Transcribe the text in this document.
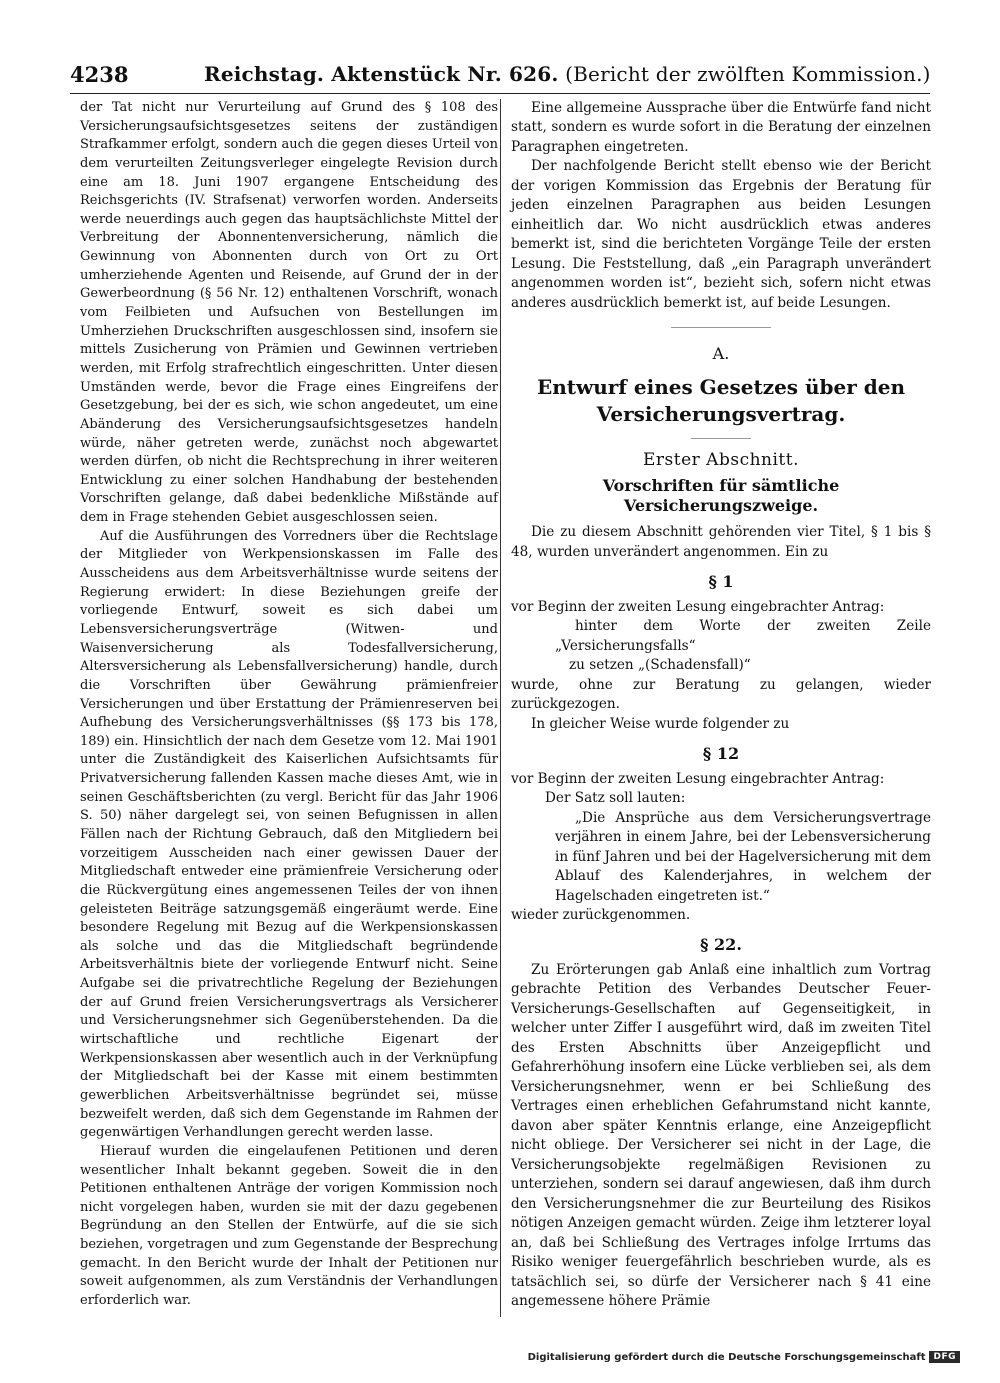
4238	Reichstag. Aktenstück Nr. 626. (Bericht der zwölften Kommission.)

der Tat nicht nur Verurteilung auf Grund des § 108 des Versicherungsaufsichtsgesetzes seitens der zuständigen Strafkammer erfolgt, sondern auch die gegen dieses Urteil von dem verurteilten Zeitungsverleger eingelegte Revision durch eine am 18. Juni 1907 ergangene Entscheidung des Reichsgerichts (IV. Strafsenat) verworfen worden. Anderseits werde neuerdings auch gegen das hauptsächlichste Mittel der Verbreitung der Abonnentenversicherung, nämlich die Gewinnung von Abonnenten durch von Ort zu Ort umherziehende Agenten und Reisende, auf Grund der in der Gewerbeordnung (§ 56 Nr. 12) enthaltenen Vorschrift, wonach vom Feilbieten und Aufsuchen von Bestellungen im Umherziehen Druckschriften ausgeschlossen sind, insofern sie mittels Zusicherung von Prämien und Gewinnen vertrieben werden, mit Erfolg strafrechtlich eingeschritten. Unter diesen Umständen werde, bevor die Frage eines Eingreifens der Gesetzgebung, bei der es sich, wie schon angedeutet, um eine Abänderung des Versicherungsaufsichtsgesetzes handeln würde, näher getreten werde, zunächst noch abgewartet werden dürfen, ob nicht die Rechtsprechung in ihrer weiteren Entwicklung zu einer solchen Handhabung der bestehenden Vorschriften gelange, daß dabei bedenkliche Mißstände auf dem in Frage stehenden Gebiet ausgeschlossen seien.

Auf die Ausführungen des Vorredners über die Rechtslage der Mitglieder von Werkpensionskassen im Falle des Ausscheidens aus dem Arbeitsverhältnisse wurde seitens der Regierung erwidert: In diese Beziehungen greife der vorliegende Entwurf, soweit es sich dabei um Lebensversicherungsverträge (Witwen- und Waisenversicherung als Todesfallversicherung, Altersversicherung als Lebensfallversicherung) handle, durch die Vorschriften über Gewährung prämienfreier Versicherungen und über Erstattung der Prämienreserven bei Aufhebung des Versicherungsverhältnisses (§§ 173 bis 178, 189) ein. Hinsichtlich der nach dem Gesetze vom 12. Mai 1901 unter die Zuständigkeit des Kaiserlichen Aufsichtsamts für Privatversicherung fallenden Kassen mache dieses Amt, wie in seinen Geschäftsberichten (zu vergl. Bericht für das Jahr 1906 S. 50) näher dargelegt sei, von seinen Befugnissen in allen Fällen nach der Richtung Gebrauch, daß den Mitgliedern bei vorzeitigem Ausscheiden nach einer gewissen Dauer der Mitgliedschaft entweder eine prämienfreie Versicherung oder die Rückvergütung eines angemessenen Teiles der von ihnen geleisteten Beiträge satzungsgemäß eingeräumt werde. Eine besondere Regelung mit Bezug auf die Werkpensionskassen als solche und das die Mitgliedschaft begründende Arbeitsverhältnis biete der vorliegende Entwurf nicht. Seine Aufgabe sei die privatrechtliche Regelung der Beziehungen der auf Grund freien Versicherungsvertrags als Versicherer und Versicherungsnehmer sich Gegenüberstehenden. Da die wirtschaftliche und rechtliche Eigenart der Werkpensionskassen aber wesentlich auch in der Verknüpfung der Mitgliedschaft bei der Kasse mit einem bestimmten gewerblichen Arbeitsverhältnisse begründet sei, müsse bezweifelt werden, daß sich dem Gegenstande im Rahmen der gegenwärtigen Verhandlungen gerecht werden lasse.

Hierauf wurden die eingelaufenen Petitionen und deren wesentlicher Inhalt bekannt gegeben. Soweit die in den Petitionen enthaltenen Anträge der vorigen Kommission noch nicht vorgelegen haben, wurden sie mit der dazu gegebenen Begründung an den Stellen der Entwürfe, auf die sie sich beziehen, vorgetragen und zum Gegenstande der Besprechung gemacht. In den Bericht wurde der Inhalt der Petitionen nur soweit aufgenommen, als zum Verständnis der Verhandlungen erforderlich war.

Eine allgemeine Aussprache über die Entwürfe fand nicht statt, sondern es wurde sofort in die Beratung der einzelnen Paragraphen eingetreten.

Der nachfolgende Bericht stellt ebenso wie der Bericht der vorigen Kommission das Ergebnis der Beratung für jeden einzelnen Paragraphen aus beiden Lesungen einheitlich dar. Wo nicht ausdrücklich etwas anderes bemerkt ist, sind die berichteten Vorgänge Teile der ersten Lesung. Die Feststellung, daß „ein Paragraph unverändert angenommen worden ist“, bezieht sich, sofern nicht etwas anderes ausdrücklich bemerkt ist, auf beide Lesungen.

A.
Entwurf eines Gesetzes über den Versicherungsvertrag.
Erster Abschnitt.
Vorschriften für sämtliche Versicherungszweige.

Die zu diesem Abschnitt gehörenden vier Titel, § 1 bis § 48, wurden unverändert angenommen. Ein zu

§ 1

vor Beginn der zweiten Lesung eingebrachter Antrag:

hinter dem Worte der zweiten Zeile „Versicherungsfalls“

zu setzen „(Schadensfall)“

wurde, ohne zur Beratung zu gelangen, wieder zurückgezogen.

In gleicher Weise wurde folgender zu

§ 12

vor Beginn der zweiten Lesung eingebrachter Antrag:

Der Satz soll lauten:

„Die Ansprüche aus dem Versicherungsvertrage verjähren in einem Jahre, bei der Lebensversicherung in fünf Jahren und bei der Hagelversicherung mit dem Ablauf des Kalenderjahres, in welchem der Hagelschaden eingetreten ist.“

wieder zurückgenommen.

§ 22.

Zu Erörterungen gab Anlaß eine inhaltlich zum Vortrag gebrachte Petition des Verbandes Deutscher Feuer-Versicherungs-Gesellschaften auf Gegenseitigkeit, in welcher unter Ziffer I ausgeführt wird, daß im zweiten Titel des Ersten Abschnitts über Anzeigepflicht und Gefahrerhöhung insofern eine Lücke verblieben sei, als dem Versicherungsnehmer, wenn er bei Schließung des Vertrages einen erheblichen Gefahrumstand nicht kannte, davon aber später Kenntnis erlange, eine Anzeigepflicht nicht obliege. Der Versicherer sei nicht in der Lage, die Versicherungsobjekte regelmäßigen Revisionen zu unterziehen, sondern sei darauf angewiesen, daß ihm durch den Versicherungsnehmer die zur Beurteilung des Risikos nötigen Anzeigen gemacht würden. Zeige ihm letzterer loyal an, daß bei Schließung des Vertrages infolge Irrtums das Risiko weniger feuergefährlich beschrieben wurde, als es tatsächlich sei, so dürfe der Versicherer nach § 41 eine angemessene höhere Prämie

Digitalisierung gefördert durch die Deutsche Forschungsgemeinschaft DFG
